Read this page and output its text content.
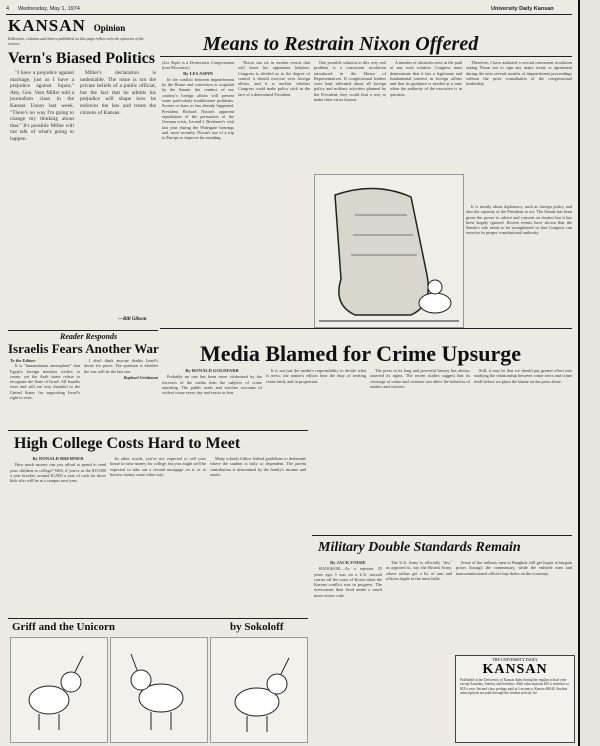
4 Wednesday, May 1, 1974	University Daily Kansan
KANSAN Opinion
Editorials, columns and letters published on this page reflect only the opinions of the writers.	Means to Restrain Nixon Offered
Vern's Biased Politics

"I have a prejudice against marriage, just as I have a prejudice against liquor," Atty. Gen. Vern Miller told a journalism class in the Kansas Union last week. "There's no way I'm going to change my thinking about that." It's possible Miller will not talk of what's going to happen.

Miller's declaration is undeniable. The issue is not the private beliefs of a public official, but the fact that he admits his prejudice will shape how he enforces the law and treats the citizens of Kansas.

—Bill Gibson
(Lee Aspin is a Democratic Congressman from Wisconsin.)
By LES ASPIN

In the conflict between impeachment by the House and conviction or acquittal by the Senate, the conduct of our country's foreign affairs will present some particularly troublesome problems. Sooner or later, as has already happened, President Richard Nixon's apparent repudiation of the persuasion of the German crisis, Leonid I. Brezhnev's visit last year during the Watergate hearings and, most recently, Nixon's use of a trip to Europe to improve his standing.

Nixon can set in motion events that will leave his opponents helpless. Congress is divided as to the degree of control it should exercise over foreign affairs, and it is unclear whether Congress could make policy stick in the face of a determined President.

One possible solution to this very real problem is a concurrent resolution introduced in the House of Representatives. If congressional leaders were kept informed about all foreign policy and military activities planned by the President, they could find a way to make their views known.

A number of obstacles arise in the path of any such solution. Congress must demonstrate that it has a legitimate and fundamental interest in foreign affairs and that its guidance is needed at a time when the authority of the executive is in question.

Therefore, I have authored a second concurrent resolution asking Nixon not to sign any major treaty or agreement during the next several months of impeachment proceedings without the prior consultation of the congressional leadership.

It is mostly about diplomacy, such as foreign policy and also the capacity of the President to act. The Senate has been given the power to advise and consent on treaties but it has been largely ignored. Recent events have shown that the Senate's role needs to be strengthened so that Congress can exercise its proper constitutional authority.

Reader Responds
Israelis Fears Another War
To the Editor:

It is "humanitarian atmosphere" that Egypt's foreign minister wishes to create, yet the Arab states refuse to recognize the State of Israel. All Israelis were and still are very thankful to the United States for supporting Israel's right to exist.

I don't think anyone doubts Israel's desire for peace. The question is whether the war will be the last one.

Raphael Grinbaum
Media Blamed for Crime Upsurge
By RONALD GOLDFARB

Probably no one has been more victimized by the excesses of the media than the subjects of crime reporting. The public reads and watches accounts of violent crime every day and reacts in fear.

It is not just the media's responsibility to decide what is news; the nation's editors bear the duty of treating crime fairly and in proportion.

The press in its long and powerful history has always asserted its rights. The recent studies suggest that its coverage of crime and violence can affect the behavior of readers and viewers.

Still, it may be that we should put greater effort into studying the relationship between crime news and crime itself before we place the blame on the press alone.

High College Costs Hard to Meet
By DONALD BREMNER

How much money can you afford to spend to send your children to college? Well, if you're in the $15,000 a year bracket, around $1,900 a year of cash for those kids who will be at a campus next year.

In other words, you've not expected to sell your house to raise money for college, but you might well be expected to take out a second mortgage on it, or to borrow money some other way.

Many schools follow federal guidelines to determine where the student is truly so dependent. The parent contribution is determined by the family's income and assets.

Military Double Standards Remain
By JACK FOISIE

BANGKOK—As a reporter 25 years ago, I was on a U.S. aircraft carrier off the coast of Korea when the Korean conflict was in progress. The servicemen then lived under a much more severe code.

The U.S. Army is officially "dry," as opposed to, say, the British Army, where sailors get a lot of rum and officers tipple in the mess halls.

Some of the military men in Bangkok still get liquor at bargain prices through the commissary, while the enlisted men and noncommissioned officers buy theirs on the economy.

Griff and the Unicorn	by Sokoloff
THE UNIVERSITY DAILY
KANSAN
Published at the University of Kansas daily during the regular school year except Saturday, Sunday and holidays. Mail subscriptions $10 a semester or $18 a year. Second class postage paid at Lawrence, Kansas 66044. Student subscriptions are paid through the student activity fee.
